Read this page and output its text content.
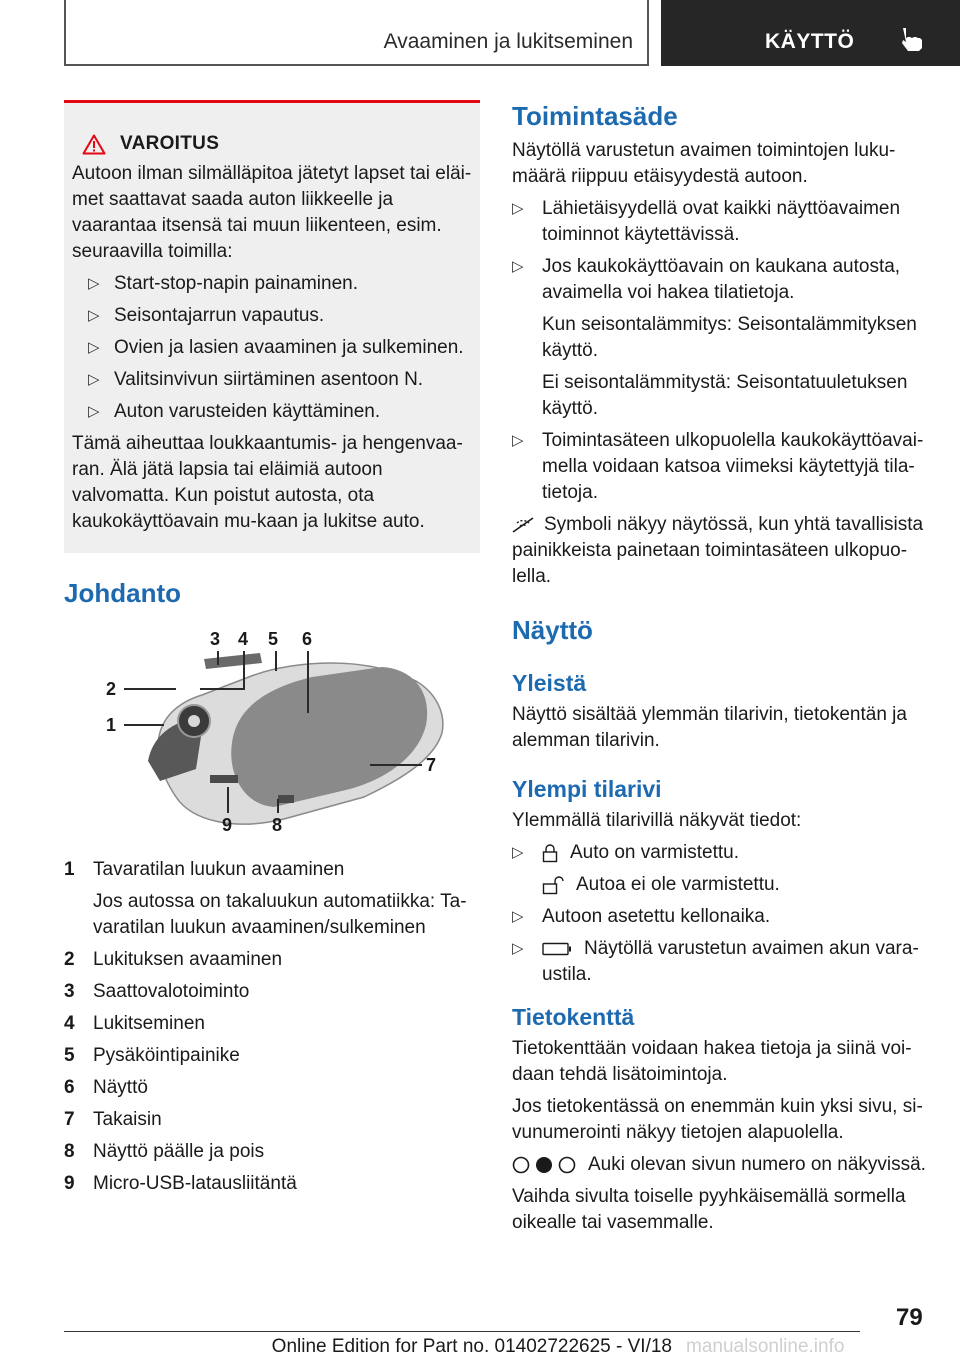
Avaaminen ja lukitseminen	KÄYTTÖ
VAROITUS

Autoon ilman silmälläpitoa jätetyt lapset tai eläi-met saattavat saada auton liikkeelle ja vaarantaa itsensä tai muun liikenteen, esim. seuraavilla toimilla:

▷ Start-stop-napin painaminen.
▷ Seisontajarrun vapautus.
▷ Ovien ja lasien avaaminen ja sulkeminen.
▷ Valitsinvivun siirtäminen asentoon N.
▷ Auton varusteiden käyttäminen.

Tämä aiheuttaa loukkaantumis- ja hengenvaa-ran. Älä jätä lapsia tai eläimiä autoon valvomatta. Kun poistut autosta, ota kaukokäyttöavain mu-kaan ja lukitse auto.

Johdanto
1
2
3 4 5 6
7
8
9
1 Tavaratilan luukun avaaminen
Jos autossa on takaluukun automatiikka: Ta-varatilan luukun avaaminen/sulkeminen
2 Lukituksen avaaminen
3 Saattovalotoiminto
4 Lukitseminen
5 Pysäköintipainike
6 Näyttö
7 Takaisin
8 Näyttö päälle ja pois
9 Micro-USB-latausliitäntä
Toimintasäde

Näytöllä varustetun avaimen toimintojen luku-määrä riippuu etäisyydestä autoon.

▷ Lähietäisyydellä ovat kaikki näyttöavaimen toiminnot käytettävissä.
▷ Jos kaukokäyttöavain on kaukana autosta, avaimella voi hakea tilatietoja.
Kun seisontalämmitys: Seisontalämmityksen käyttö.
Ei seisontalämmitystä: Seisontatuuletuksen käyttö.
▷ Toimintasäteen ulkopuolella kaukokäyttöavai-mella voidaan katsoa viimeksi käytettyjä tila-tietoja.

Symboli näkyy näytössä, kun yhtä tavallisista painikkeista painetaan toimintasäteen ulkopuo-lella.

Näyttö
Yleistä

Näyttö sisältää ylemmän tilarivin, tietokentän ja alemman tilarivin.

Ylempi tilarivi

Ylemmällä tilarivillä näkyvät tiedot:

▷ Auto on varmistettu.
Autoa ei ole varmistettu.
▷ Autoon asetettu kellonaika.
▷	Näytöllä varustetun avaimen akun vara-ustila.
Tietokenttä

Tietokenttään voidaan hakea tietoja ja siinä voi-daan tehdä lisätoimintoja.

Jos tietokentässä on enemmän kuin yksi sivu, si-vunumerointi näkyy tietojen alapuolella.

Auki olevan sivun numero on näkyvissä.

Vaihda sivulta toiselle pyyhkäisemällä sormella oikealle tai vasemmalle.

79
Online Edition for Part no. 01402722625 - VI/18 manualsonline.info
